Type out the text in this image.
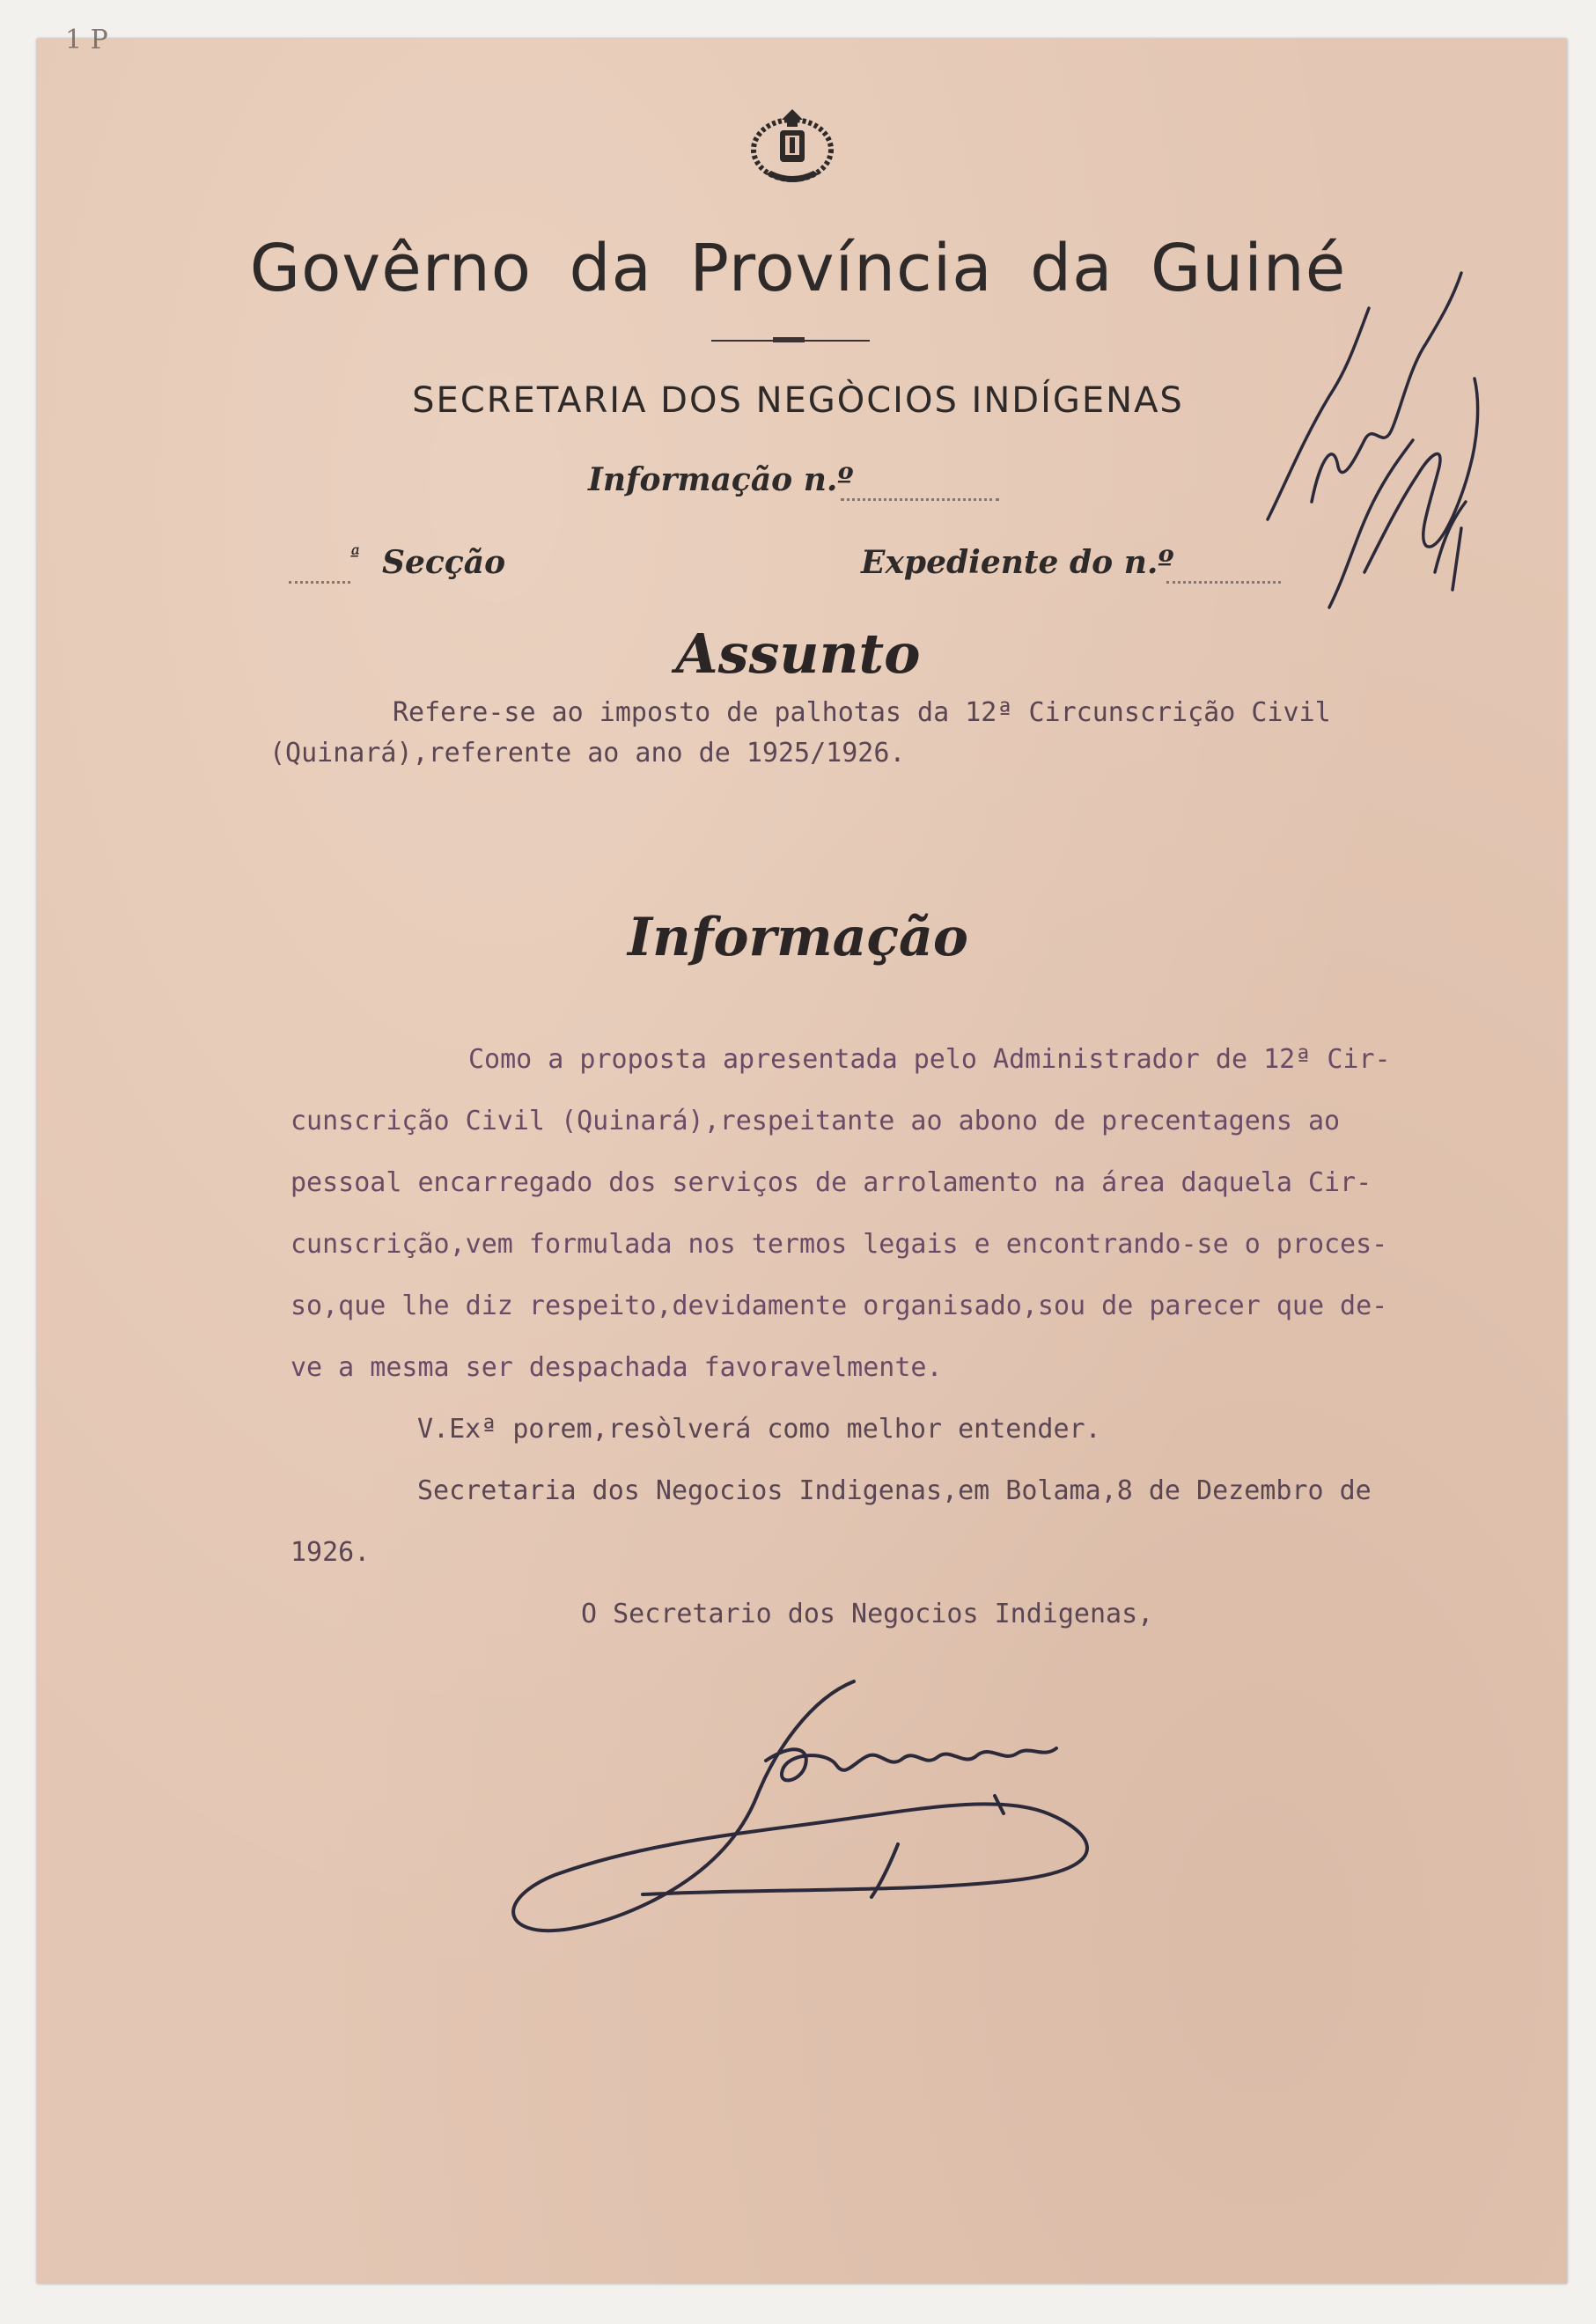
1 P
Govêrno da Província da Guiné
SECRETARIA DOS NEGÒCIOS INDÍGENAS
Informação n.º
ª Secção	Expediente do n.º
Assunto
Refere-se ao imposto de palhotas da 12ª Circunscrição Civil
(Quinará),referente ao ano de 1925/1926.
Informação
Como a proposta apresentada pelo Administrador de 12ª Cir-
cunscrição Civil (Quinará),respeitante ao abono de precentagens ao
pessoal encarregado dos serviços de arrolamento na área daquela Cir-
cunscrição,vem formulada nos termos legais e encontrando-se o proces-
so,que lhe diz respeito,devidamente organisado,sou de parecer que de-
ve a mesma ser despachada favoravelmente.
V.Exª porem,resòlverá como melhor entender.
Secretaria dos Negocios Indigenas,em Bolama,8 de Dezembro de
1926.
O Secretario dos Negocios Indigenas,
